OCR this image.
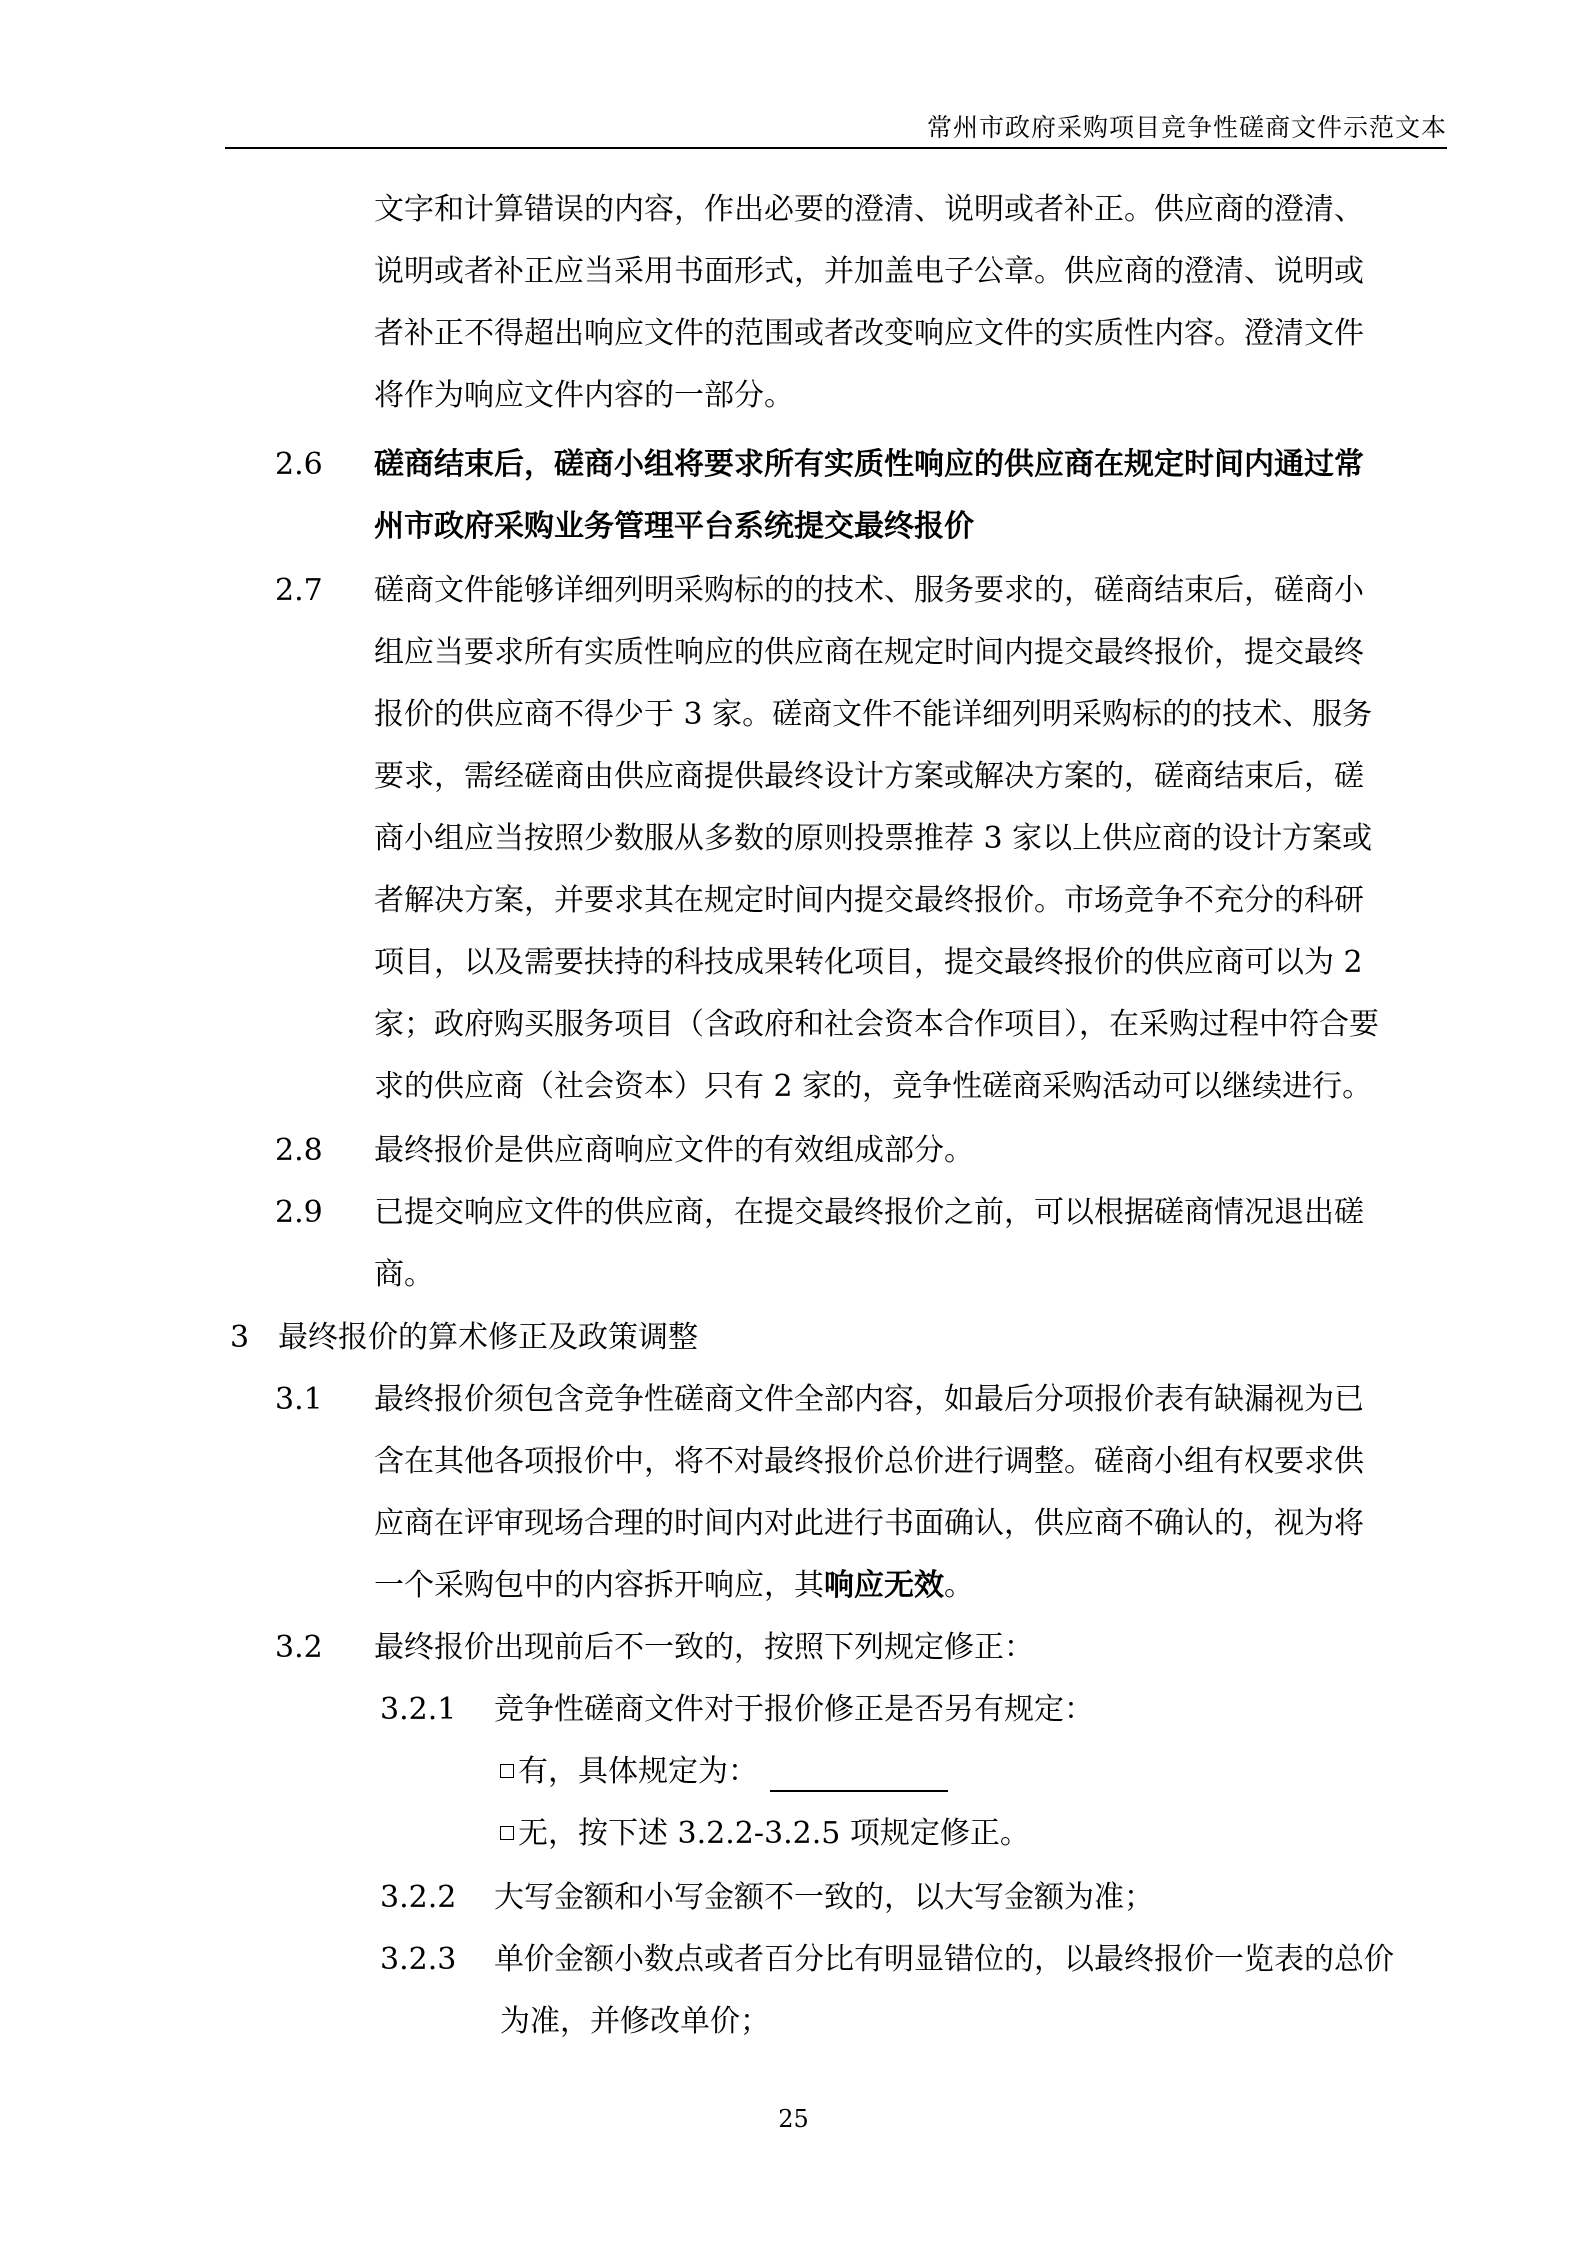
常州市政府采购项目竞争性磋商文件示范文本
文字和计算错误的内容，作出必要的澄清、说明或者补正。供应商的澄清、
说明或者补正应当采用书面形式，并加盖电子公章。供应商的澄清、说明或
者补正不得超出响应文件的范围或者改变响应文件的实质性内容。澄清文件
将作为响应文件内容的一部分。
2.6 磋商结束后，磋商小组将要求所有实质性响应的供应商在规定时间内通过常
州市政府采购业务管理平台系统提交最终报价
2.7 磋商文件能够详细列明采购标的的技术、服务要求的，磋商结束后，磋商小
组应当要求所有实质性响应的供应商在规定时间内提交最终报价，提交最终
报价的供应商不得少于 3 家。磋商文件不能详细列明采购标的的技术、服务
要求，需经磋商由供应商提供最终设计方案或解决方案的，磋商结束后，磋
商小组应当按照少数服从多数的原则投票推荐 3 家以上供应商的设计方案或
者解决方案，并要求其在规定时间内提交最终报价。市场竞争不充分的科研
项目，以及需要扶持的科技成果转化项目，提交最终报价的供应商可以为 2
家；政府购买服务项目（含政府和社会资本合作项目），在采购过程中符合要
求的供应商（社会资本）只有 2 家的，竞争性磋商采购活动可以继续进行。
2.8 最终报价是供应商响应文件的有效组成部分。
2.9 已提交响应文件的供应商，在提交最终报价之前，可以根据磋商情况退出磋
商。
3 最终报价的算术修正及政策调整
3.1 最终报价须包含竞争性磋商文件全部内容，如最后分项报价表有缺漏视为已
含在其他各项报价中，将不对最终报价总价进行调整。磋商小组有权要求供
应商在评审现场合理的时间内对此进行书面确认，供应商不确认的，视为将
一个采购包中的内容拆开响应，其响应无效。
3.2 最终报价出现前后不一致的，按照下列规定修正：
3.2.1 竞争性磋商文件对于报价修正是否另有规定：
有，具体规定为：
无，按下述 3.2.2-3.2.5 项规定修正。
3.2.2 大写金额和小写金额不一致的，以大写金额为准；
3.2.3 单价金额小数点或者百分比有明显错位的，以最终报价一览表的总价
为准，并修改单价；
25
